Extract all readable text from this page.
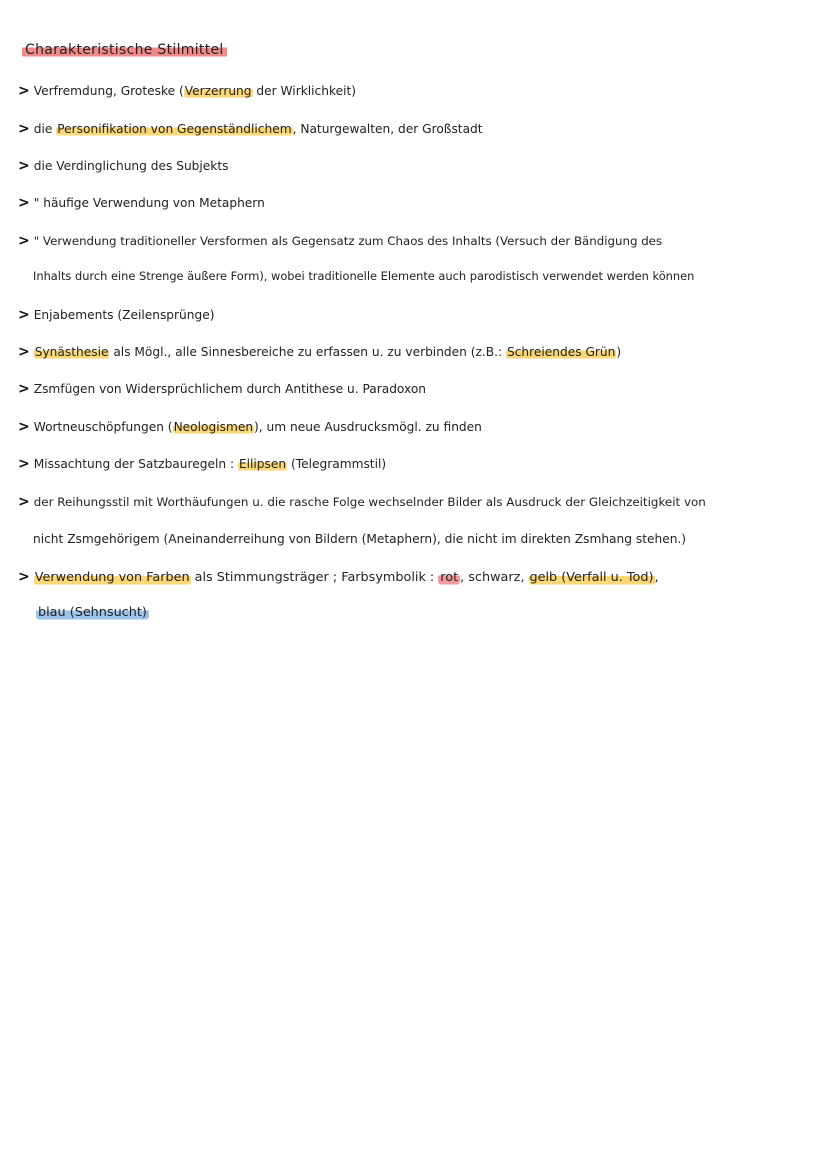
Charakteristische Stilmittel
> Verfremdung, Groteske (Verzerrung der Wirklichkeit)
> die Personifikation von Gegenständlichem, Naturgewalten, der Großstadt
> die Verdinglichung des Subjekts
> " häufige Verwendung von Metaphern
> " Verwendung traditioneller Versformen als Gegensatz zum Chaos des Inhalts (Versuch der Bändigung des
Inhalts durch eine Strenge äußere Form), wobei traditionelle Elemente auch parodistisch verwendet werden können
> Enjabements (Zeilensprünge)
> Synästhesie als Mögl., alle Sinnesbereiche zu erfassen u. zu verbinden (z.B.: Schreiendes Grün)
> Zsmfügen von Widersprüchlichem durch Antithese u. Paradoxon
> Wortneuschöpfungen (Neologismen), um neue Ausdrucksmögl. zu finden
> Missachtung der Satzbauregeln : Ellipsen (Telegrammstil)
> der Reihungsstil mit Worthäufungen u. die rasche Folge wechselnder Bilder als Ausdruck der Gleichzeitigkeit von
nicht Zsmgehörigem (Aneinanderreihung von Bildern (Metaphern), die nicht im direkten Zsmhang stehen.)
> Verwendung von Farben als Stimmungsträger ; Farbsymbolik : rot , schwarz, gelb (Verfall u. Tod),
blau (Sehnsucht)
